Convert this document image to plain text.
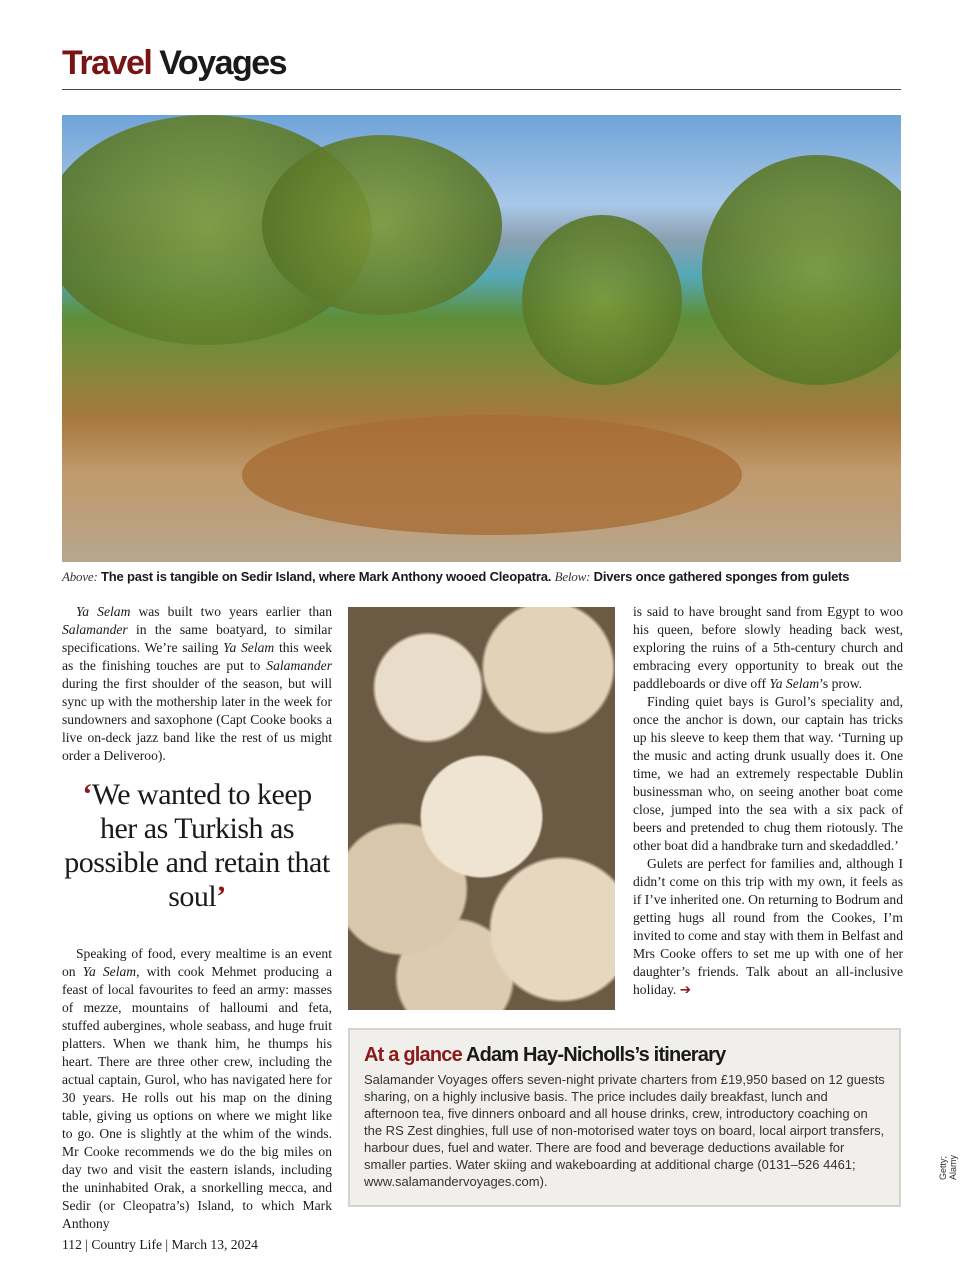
Travel Voyages
Above: The past is tangible on Sedir Island, where Mark Anthony wooed Cleopatra. Below: Divers once gathered sponges from gulets

Ya Selam was built two years earlier than Salamander in the same boatyard, to similar specifications. We’re sailing Ya Selam this week as the finishing touches are put to Salamander during the first shoulder of the season, but will sync up with the mothership later in the week for sundowners and saxophone (Capt Cooke books a live on-deck jazz band like the rest of us might order a Deliveroo).

‘We wanted to keep her as Turkish as possible and retain that soul’

Speaking of food, every mealtime is an event on Ya Selam, with cook Mehmet producing a feast of local favourites to feed an army: masses of mezze, mountains of halloumi and feta, stuffed aubergines, whole seabass, and huge fruit platters. When we thank him, he thumps his heart. There are three other crew, including the actual captain, Gurol, who has navigated here for 30 years. He rolls out his map on the dining table, giving us options on where we might like to go. One is slightly at the whim of the winds. Mr Cooke recommends we do the big miles on day two and visit the eastern islands, including the uninhabited Orak, a snorkelling mecca, and Sedir (or Cleopatra’s) Island, to which Mark Anthony

is said to have brought sand from Egypt to woo his queen, before slowly heading back west, exploring the ruins of a 5th-century church and embracing every opportunity to break out the paddleboards or dive off Ya Selam’s prow.

Finding quiet bays is Gurol’s speciality and, once the anchor is down, our captain has tricks up his sleeve to keep them that way. ‘Turning up the music and acting drunk usually does it. One time, we had an extremely respectable Dublin businessman who, on seeing another boat come close, jumped into the sea with a six pack of beers and pretended to chug them riotously. The other boat did a handbrake turn and skedaddled.’

Gulets are perfect for families and, although I didn’t come on this trip with my own, it feels as if I’ve inherited one. On returning to Bodrum and getting hugs all round from the Cookes, I’m invited to come and stay with them in Belfast and Mrs Cooke offers to set me up with one of her daughter’s friends. Talk about an all-inclusive holiday. ➔

At a glance Adam Hay-Nicholls’s itinerary

Salamander Voyages offers seven-night private charters from £19,950 based on 12 guests sharing, on a highly inclusive basis. The price includes daily breakfast, lunch and afternoon tea, five dinners onboard and all house drinks, crew, introductory coaching on the RS Zest dinghies, full use of non-motorised water toys on board, local airport transfers, harbour dues, fuel and water. There are food and beverage deductions available for smaller parties. Water skiing and wakeboarding at additional charge (0131–526 4461; www.salamandervoyages.com).

112 | Country Life | March 13, 2024
Getty; Alamy
